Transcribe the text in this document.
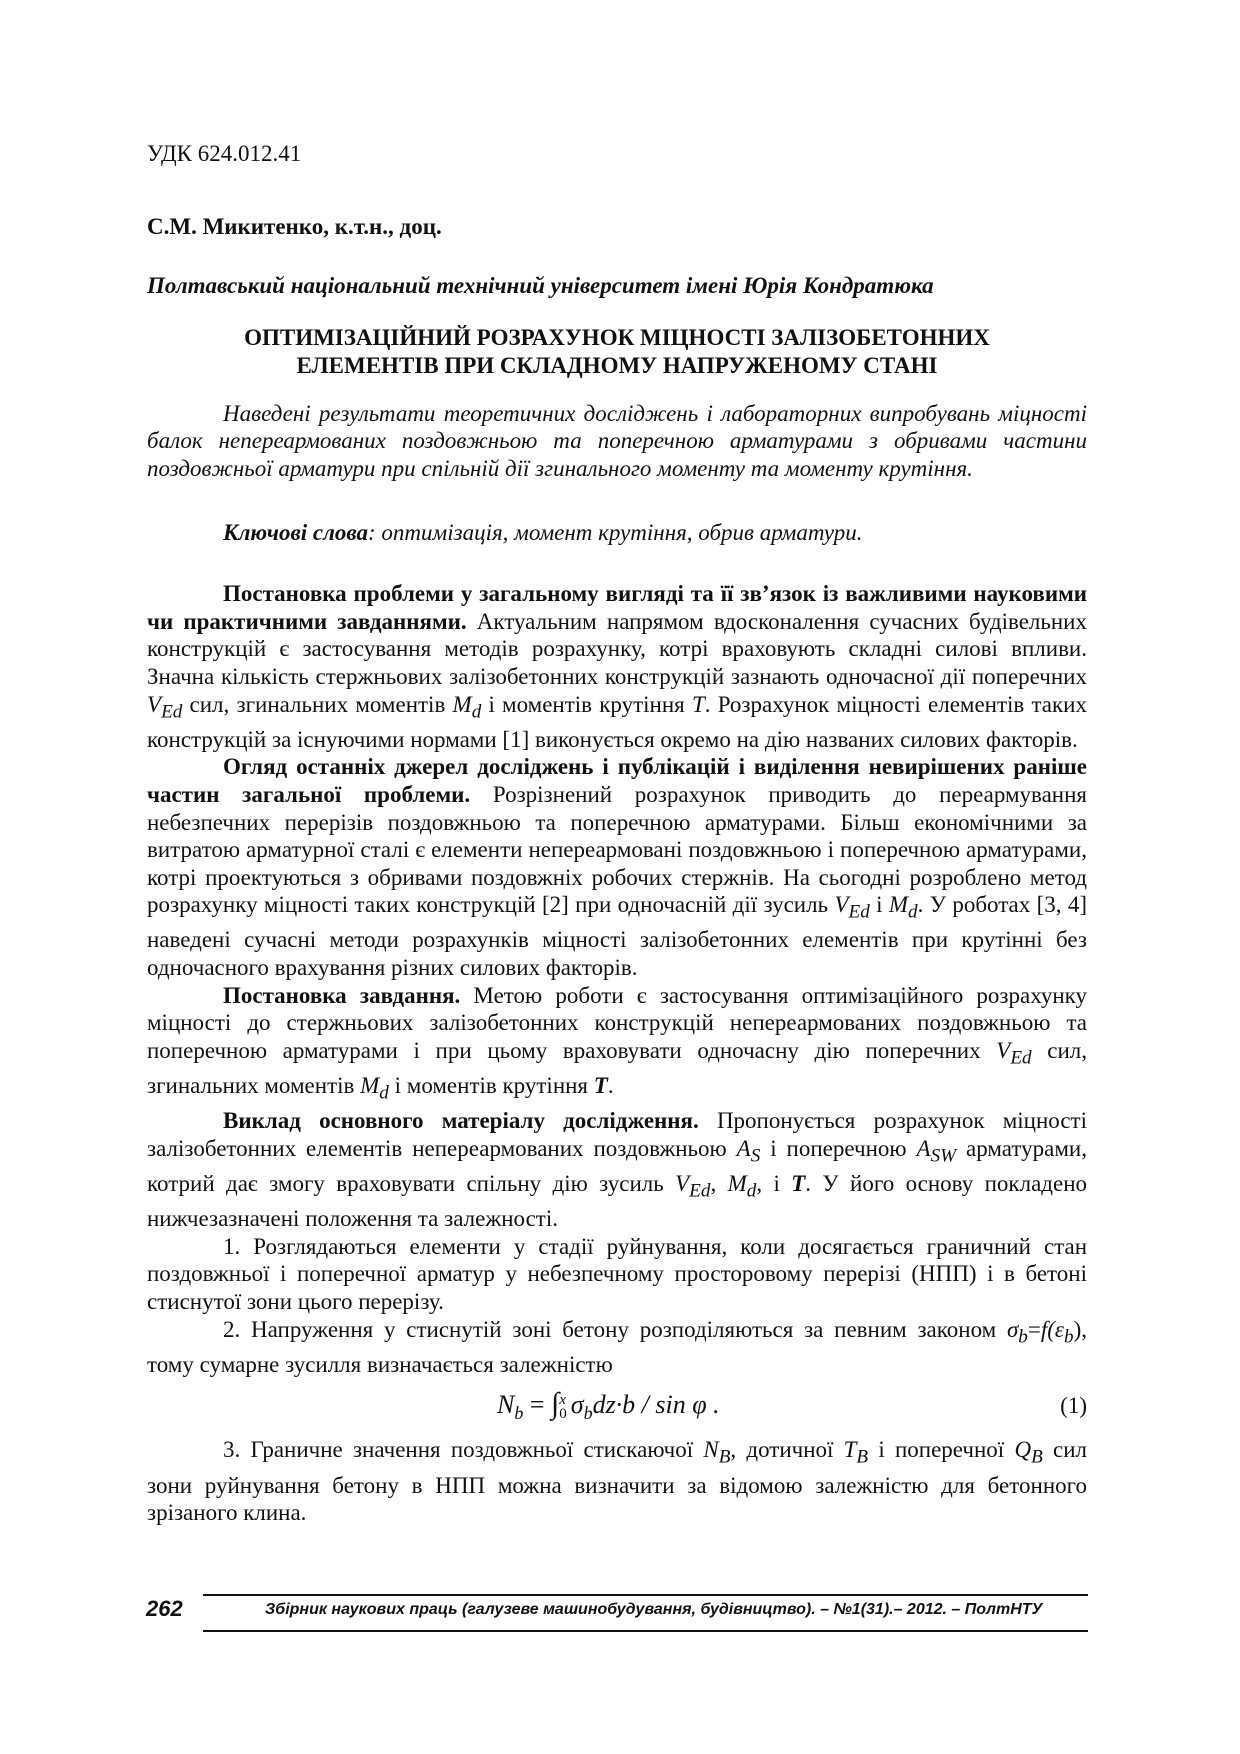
УДК 624.012.41

С.М. Микитенко, к.т.н., доц.

Полтавський національний технічний університет імені Юрія Кондратюка

ОПТИМІЗАЦІЙНИЙ РОЗРАХУНОК МІЦНОСТІ ЗАЛІЗОБЕТОННИХ
ЕЛЕМЕНТІВ ПРИ СКЛАДНОМУ НАПРУЖЕНОМУ СТАНІ

Наведені результати теоретичних досліджень і лабораторних випробувань міцності балок непереармованих поздовжньою та поперечною арматурами з обривами частини поздовжньої арматури при спільній дії згинального моменту та моменту крутіння.

Ключові слова: оптимізація, момент крутіння, обрив арматури.

Постановка проблеми у загальному вигляді та її зв’язок із важливими науковими чи практичними завданнями. Актуальним напрямом вдосконалення сучасних будівельних конструкцій є застосування методів розрахунку, котрі враховують складні силові впливи. Значна кількість стержньових залізобетонних конструкцій зазнають одночасної дії поперечних $V_{Ed}$ сил, згинальних моментів $M_d$ і моментів крутіння T. Розрахунок міцності елементів таких конструкцій за існуючими нормами [1] виконується окремо на дію названих силових факторів.

Огляд останніх джерел досліджень і публікацій і виділення невирішених раніше частин загальної проблеми. Розрізнений розрахунок приводить до переармування небезпечних перерізів поздовжньою та поперечною арматурами. Більш економічними за витратою арматурної сталі є елементи непереармовані поздовжньою і поперечною арматурами, котрі проектуються з обривами поздовжніх робочих стержнів. На сьогодні розроблено метод розрахунку міцності таких конструкцій [2] при одночасній дії зусиль $V_{Ed}$ і $M_d$. У роботах [3, 4] наведені сучасні методи розрахунків міцності залізобетонних елементів при крутінні без одночасного врахування різних силових факторів.

Постановка завдання. Метою роботи є застосування оптимізаційного розрахунку міцності до стержньових залізобетонних конструкцій непереармованих поздовжньою та поперечною арматурами і при цьому враховувати одночасну дію поперечних $V_{Ed}$ сил, згинальних моментів $M_d$ і моментів крутіння T.

Виклад основного матеріалу дослідження. Пропонується розрахунок міцності залізобетонних елементів непереармованих поздовжньою $A_S$ і поперечною $A_{SW}$ арматурами, котрий дає змогу враховувати спільну дію зусиль $V_{Ed}$, $M_d$, і T. У його основу покладено нижчезазначені положення та залежності.

1. Розглядаються елементи у стадії руйнування, коли досягається граничний стан поздовжньої і поперечної арматур у небезпечному просторовому перерізі (НПП) і в бетоні стиснутої зони цього перерізу.

2. Напруження у стиснутій зоні бетону розподіляються за певним законом $\sigma_b=f(\varepsilon_b)$, тому сумарне зусилля визначається залежністю

$N_b$ = ∫ x
0 $\sigma_bdz\cdot b / \sin \varphi$ .	(1)

3. Граничне значення поздовжньої стискаючої $N_B$, дотичної $T_B$ і поперечної $Q_B$ сил зони руйнування бетону в НПП можна визначити за відомою залежністю для бетонного зрізаного клина.

262	Збірник наукових праць (галузеве машинобудування, будівництво). – №1(31).– 2012. – ПолтНТУ
